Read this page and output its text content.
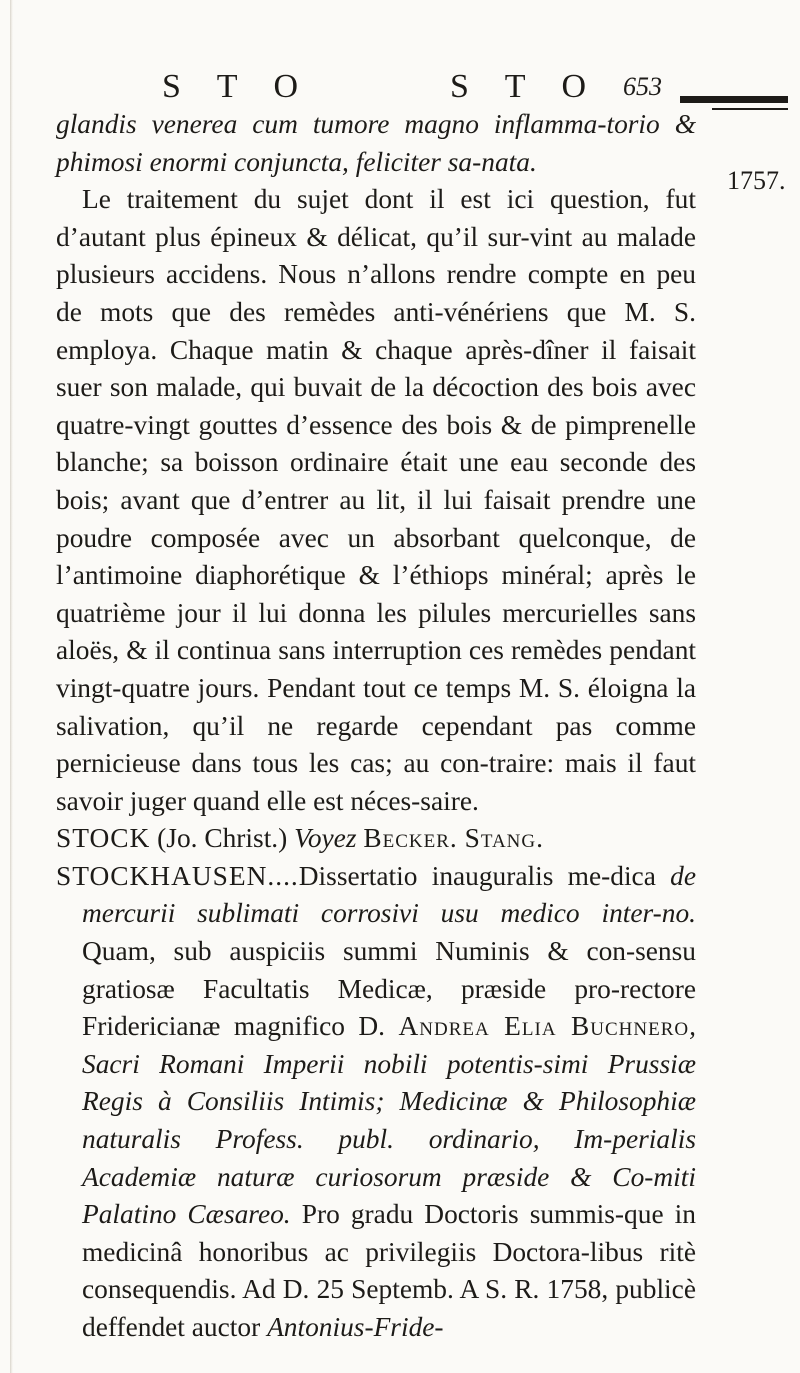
S T O	S T O 653
1757.

glandis venerea cum tumore magno inflamma-torio & phimosi enormi conjuncta, feliciter sa-nata.

Le traitement du sujet dont il est ici question, fut d’autant plus épineux & délicat, qu’il sur-vint au malade plusieurs accidens. Nous n’allons rendre compte en peu de mots que des remèdes anti-vénériens que M. S. employa. Chaque matin & chaque après-dîner il faisait suer son malade, qui buvait de la décoction des bois avec quatre-vingt gouttes d’essence des bois & de pimprenelle blanche; sa boisson ordinaire était une eau seconde des bois; avant que d’entrer au lit, il lui faisait prendre une poudre composée avec un absorbant quelconque, de l’antimoine diaphorétique & l’éthiops minéral; après le quatrième jour il lui donna les pilules mercurielles sans aloës, & il continua sans interruption ces remèdes pendant vingt-quatre jours. Pendant tout ce temps M. S. éloigna la salivation, qu’il ne regarde cependant pas comme pernicieuse dans tous les cas; au con-traire: mais il faut savoir juger quand elle est néces-saire.

STOCK (Jo. Christ.) Voyez Becker. Stang.

STOCKHAUSEN....Dissertatio inauguralis me-dica de mercurii sublimati corrosivi usu medico inter-no. Quam, sub auspiciis summi Numinis & con-sensu gratiosæ Facultatis Medicæ, præside pro-rectore Fridericianæ magnifico D. Andrea Elia Buchnero, Sacri Romani Imperii nobili potentis-simi Prussiæ Regis à Consiliis Intimis; Medicinæ & Philosophiæ naturalis Profess. publ. ordinario, Im-perialis Academiæ naturæ curiosorum præside & Co-miti Palatino Cæsareo. Pro gradu Doctoris summis-que in medicinâ honoribus ac privilegiis Doctora-libus ritè consequendis. Ad D. 25 Septemb. A S. R. 1758, publicè deffendet auctor Antonius-Fride-
